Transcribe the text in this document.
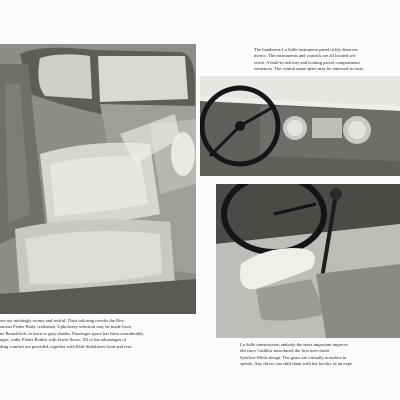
ere are invitingly roomy and restful. Their tailoring reveals the Bos-
amous Fisher Body craftsmen. Upholstery selection may be made from
ne Broadcloth, in fawn or grey shades. Passenger space has been considerably
nger, wider Fisher Bodies with lower floors. All of the advantages of
ding comfort are provided, together with Ride Stabilizers front and rear.
The handsome La Salle instrument panel richly deserves
metric. The instruments and controls are all located wit
reach. A built-in ash tray and locking parcel compartment
veniences. The central name-plate may be removed to insta
La Salle transmission embody the most important improve
eld since Cadillac introduced the first non-clashi
Synchro-Mesh design. The gears are virtually noiseless in
speeds. Any driver can shift them with the facility of an expe
